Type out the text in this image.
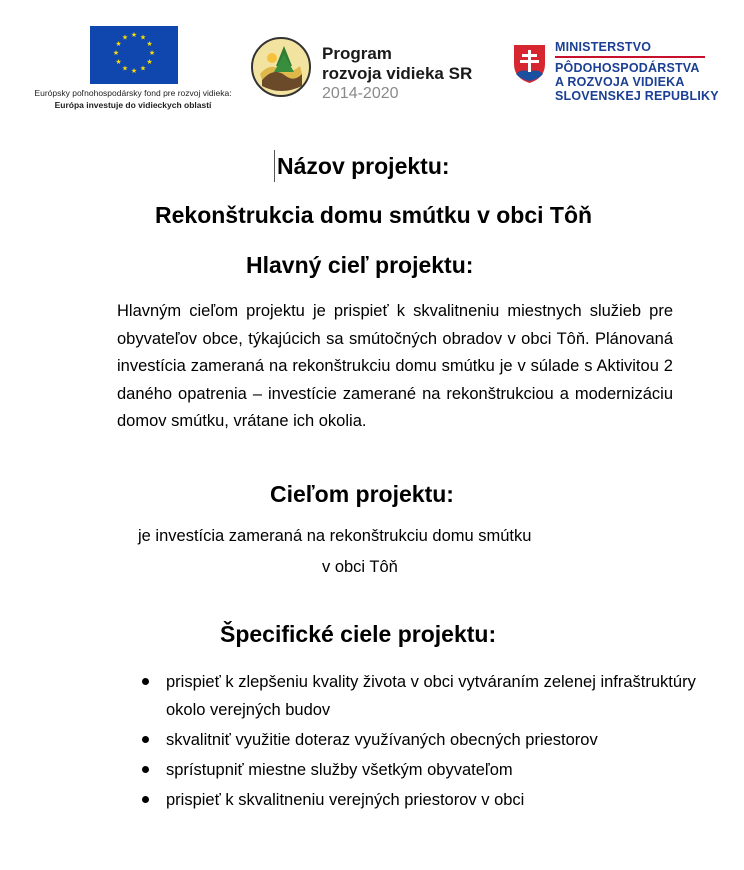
★ ★
★
★
★
★
★
★
★
★
★
★
Európsky poľnohospodársky fond pre rozvoj vidieka:
Európa investuje do vidieckych oblastí
Program
rozvoja vidieka SR
2014-2020
MINISTERSTVO
PÔDOHOSPODÁRSTVA
A ROZVOJA VIDIEKA
SLOVENSKEJ REPUBLIKY
Názov projektu:
Rekonštrukcia domu smútku v obci Tôň
Hlavný cieľ projektu:
Hlavným cieľom projektu je prispieť k skvalitneniu miestnych služieb pre obyvateľov obce, týkajúcich sa smútočných obradov v obci Tôň. Plánovaná investícia zameraná na rekonštrukciu domu smútku je v súlade s Aktivitou 2 daného opatrenia – investície zamerané na rekonštrukciou a modernizáciu domov smútku, vrátane ich okolia.
Cieľom projektu:
je investícia zameraná na rekonštrukciu domu smútku
v obci Tôň
Špecifické ciele projektu:
prispieť k zlepšeniu kvality života v obci vytváraním zelenej infraštruktúry okolo verejných budov
skvalitniť využitie doteraz využívaných obecných priestorov
sprístupniť miestne služby všetkým obyvateľom
prispieť k skvalitneniu verejných priestorov v obci
